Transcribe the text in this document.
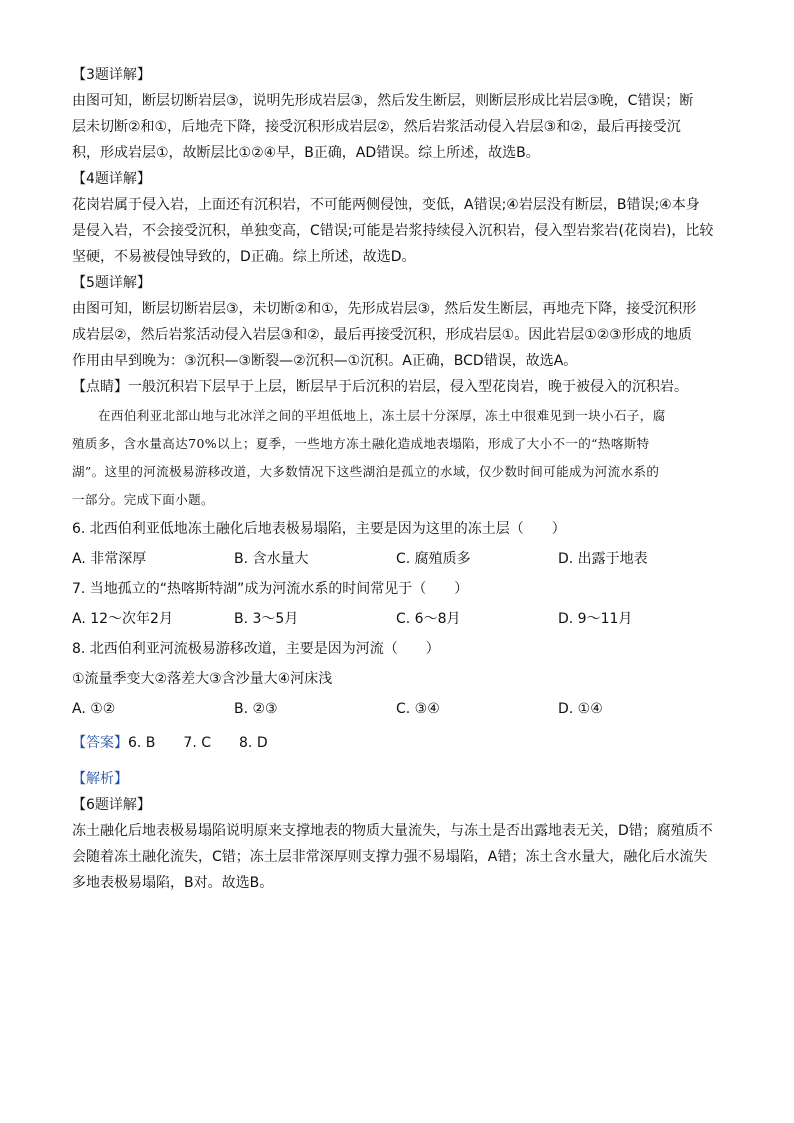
【3题详解】
由图可知，断层切断岩层③，说明先形成岩层③，然后发生断层，则断层形成比岩层③晚，C错误；断
层未切断②和①，后地壳下降，接受沉积形成岩层②，然后岩浆活动侵入岩层③和②，最后再接受沉
积，形成岩层①，故断层比①②④早，B正确，AD错误。综上所述，故选B。
【4题详解】
花岗岩属于侵入岩，上面还有沉积岩，不可能两侧侵蚀，变低，A错误;④岩层没有断层，B错误;④本身
是侵入岩，不会接受沉积，单独变高，C错误;可能是岩浆持续侵入沉积岩，侵入型岩浆岩(花岗岩)，比较
坚硬，不易被侵蚀导致的，D正确。综上所述，故选D。
【5题详解】
由图可知，断层切断岩层③，未切断②和①，先形成岩层③，然后发生断层，再地壳下降，接受沉积形
成岩层②，然后岩浆活动侵入岩层③和②，最后再接受沉积，形成岩层①。因此岩层①②③形成的地质
作用由早到晚为：③沉积—③断裂—②沉积—①沉积。A正确，BCD错误，故选A。
【点睛】一般沉积岩下层早于上层，断层早于后沉积的岩层，侵入型花岗岩，晚于被侵入的沉积岩。
在西伯利亚北部山地与北冰洋之间的平坦低地上，冻土层十分深厚，冻土中很难见到一块小石子，腐
殖质多，含水量高达70%以上；夏季，一些地方冻土融化造成地表塌陷，形成了大小不一的“热喀斯特
湖”。这里的河流极易游移改道，大多数情况下这些湖泊是孤立的水域，仅少数时间可能成为河流水系的
一部分。完成下面小题。
6. 北西伯利亚低地冻土融化后地表极易塌陷，主要是因为这里的冻土层（　　）
A. 非常深厚	B. 含水量大	C. 腐殖质多	D. 出露于地表
7. 当地孤立的“热喀斯特湖”成为河流水系的时间常见于（　　）
A. 12～次年2月	B. 3～5月	C. 6～8月	D. 9～11月
8. 北西伯利亚河流极易游移改道，主要是因为河流（　　）
①流量季变大②落差大③含沙量大④河床浅
A. ①②	B. ②③	C. ③④	D. ①④
【答案】6. B 7. C 8. D
【解析】
【6题详解】
冻土融化后地表极易塌陷说明原来支撑地表的物质大量流失，与冻土是否出露地表无关，D错；腐殖质不
会随着冻土融化流失，C错；冻土层非常深厚则支撑力强不易塌陷，A错；冻土含水量大，融化后水流失
多地表极易塌陷，B对。故选B。
